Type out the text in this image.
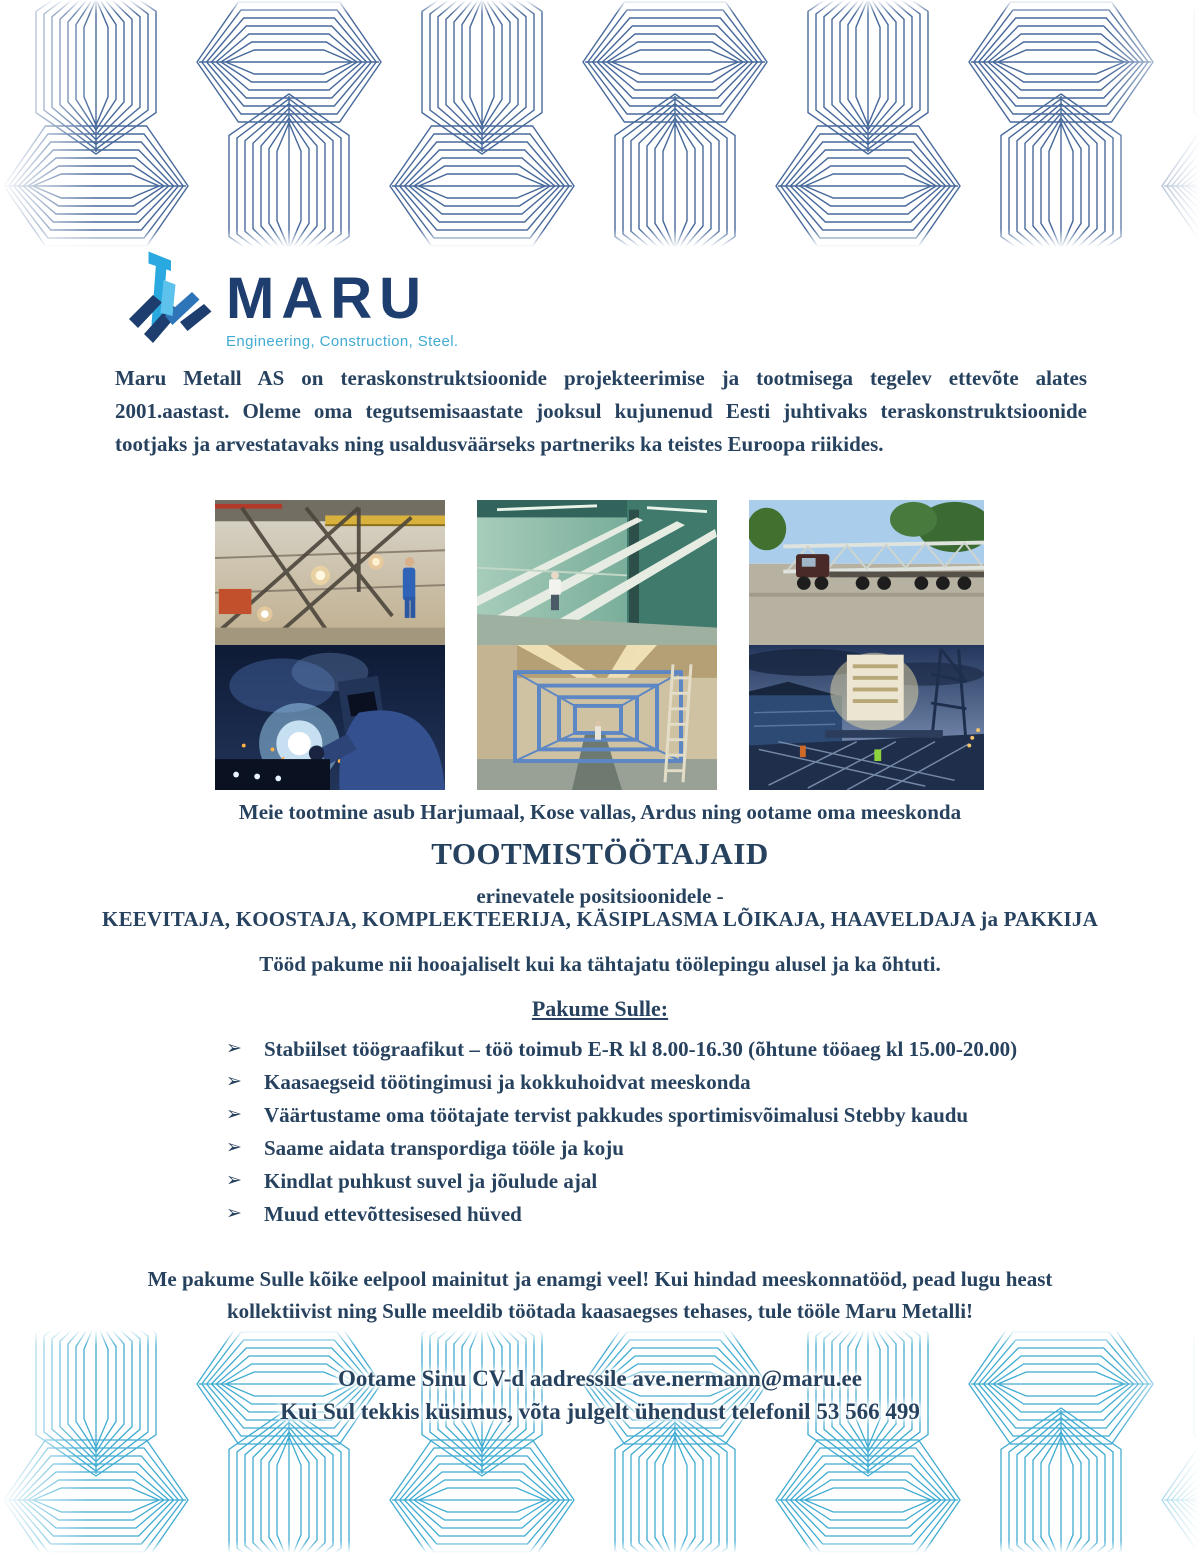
MARU
Engineering, Construction, Steel.

Maru Metall AS on teraskonstruktsioonide projekteerimise ja tootmisega tegelev ettevõte alates 2001.aastast. Oleme oma tegutsemisaastate jooksul kujunenud Eesti juhtivaks teraskonstruktsioonide tootjaks ja arvestatavaks ning usaldusväärseks partneriks ka teistes Euroopa riikides.

Meie tootmine asub Harjumaal, Kose vallas, Ardus ning ootame oma meeskonda
TOOTMISTÖÖTAJAID
erinevatele positsioonidele -
KEEVITAJA, KOOSTAJA, KOMPLEKTEERIJA, KÄSIPLASMA LÕIKAJA, HAAVELDAJA ja PAKKIJA
Tööd pakume nii hooajaliselt kui ka tähtajatu töölepingu alusel ja ka õhtuti.
Pakume Sulle:
➢ Stabiilset töögraafikut – töö toimub E-R kl 8.00-16.30 (õhtune tööaeg kl 15.00-20.00)
➢ Kaasaegseid töötingimusi ja kokkuhoidvat meeskonda
➢ Väärtustame oma töötajate tervist pakkudes sportimisvõimalusi Stebby kaudu
➢ Saame aidata transpordiga tööle ja koju
➢ Kindlat puhkust suvel ja jõulude ajal
➢ Muud ettevõttesisesed hüved
Me pakume Sulle kõike eelpool mainitut ja enamgi veel! Kui hindad meeskonnatööd, pead lugu heast kollektiivist ning Sulle meeldib töötada kaasaegses tehases, tule tööle Maru Metalli!
Ootame Sinu CV-d aadressile ave.nermann@maru.ee
Kui Sul tekkis küsimus, võta julgelt ühendust telefonil 53 566 499
